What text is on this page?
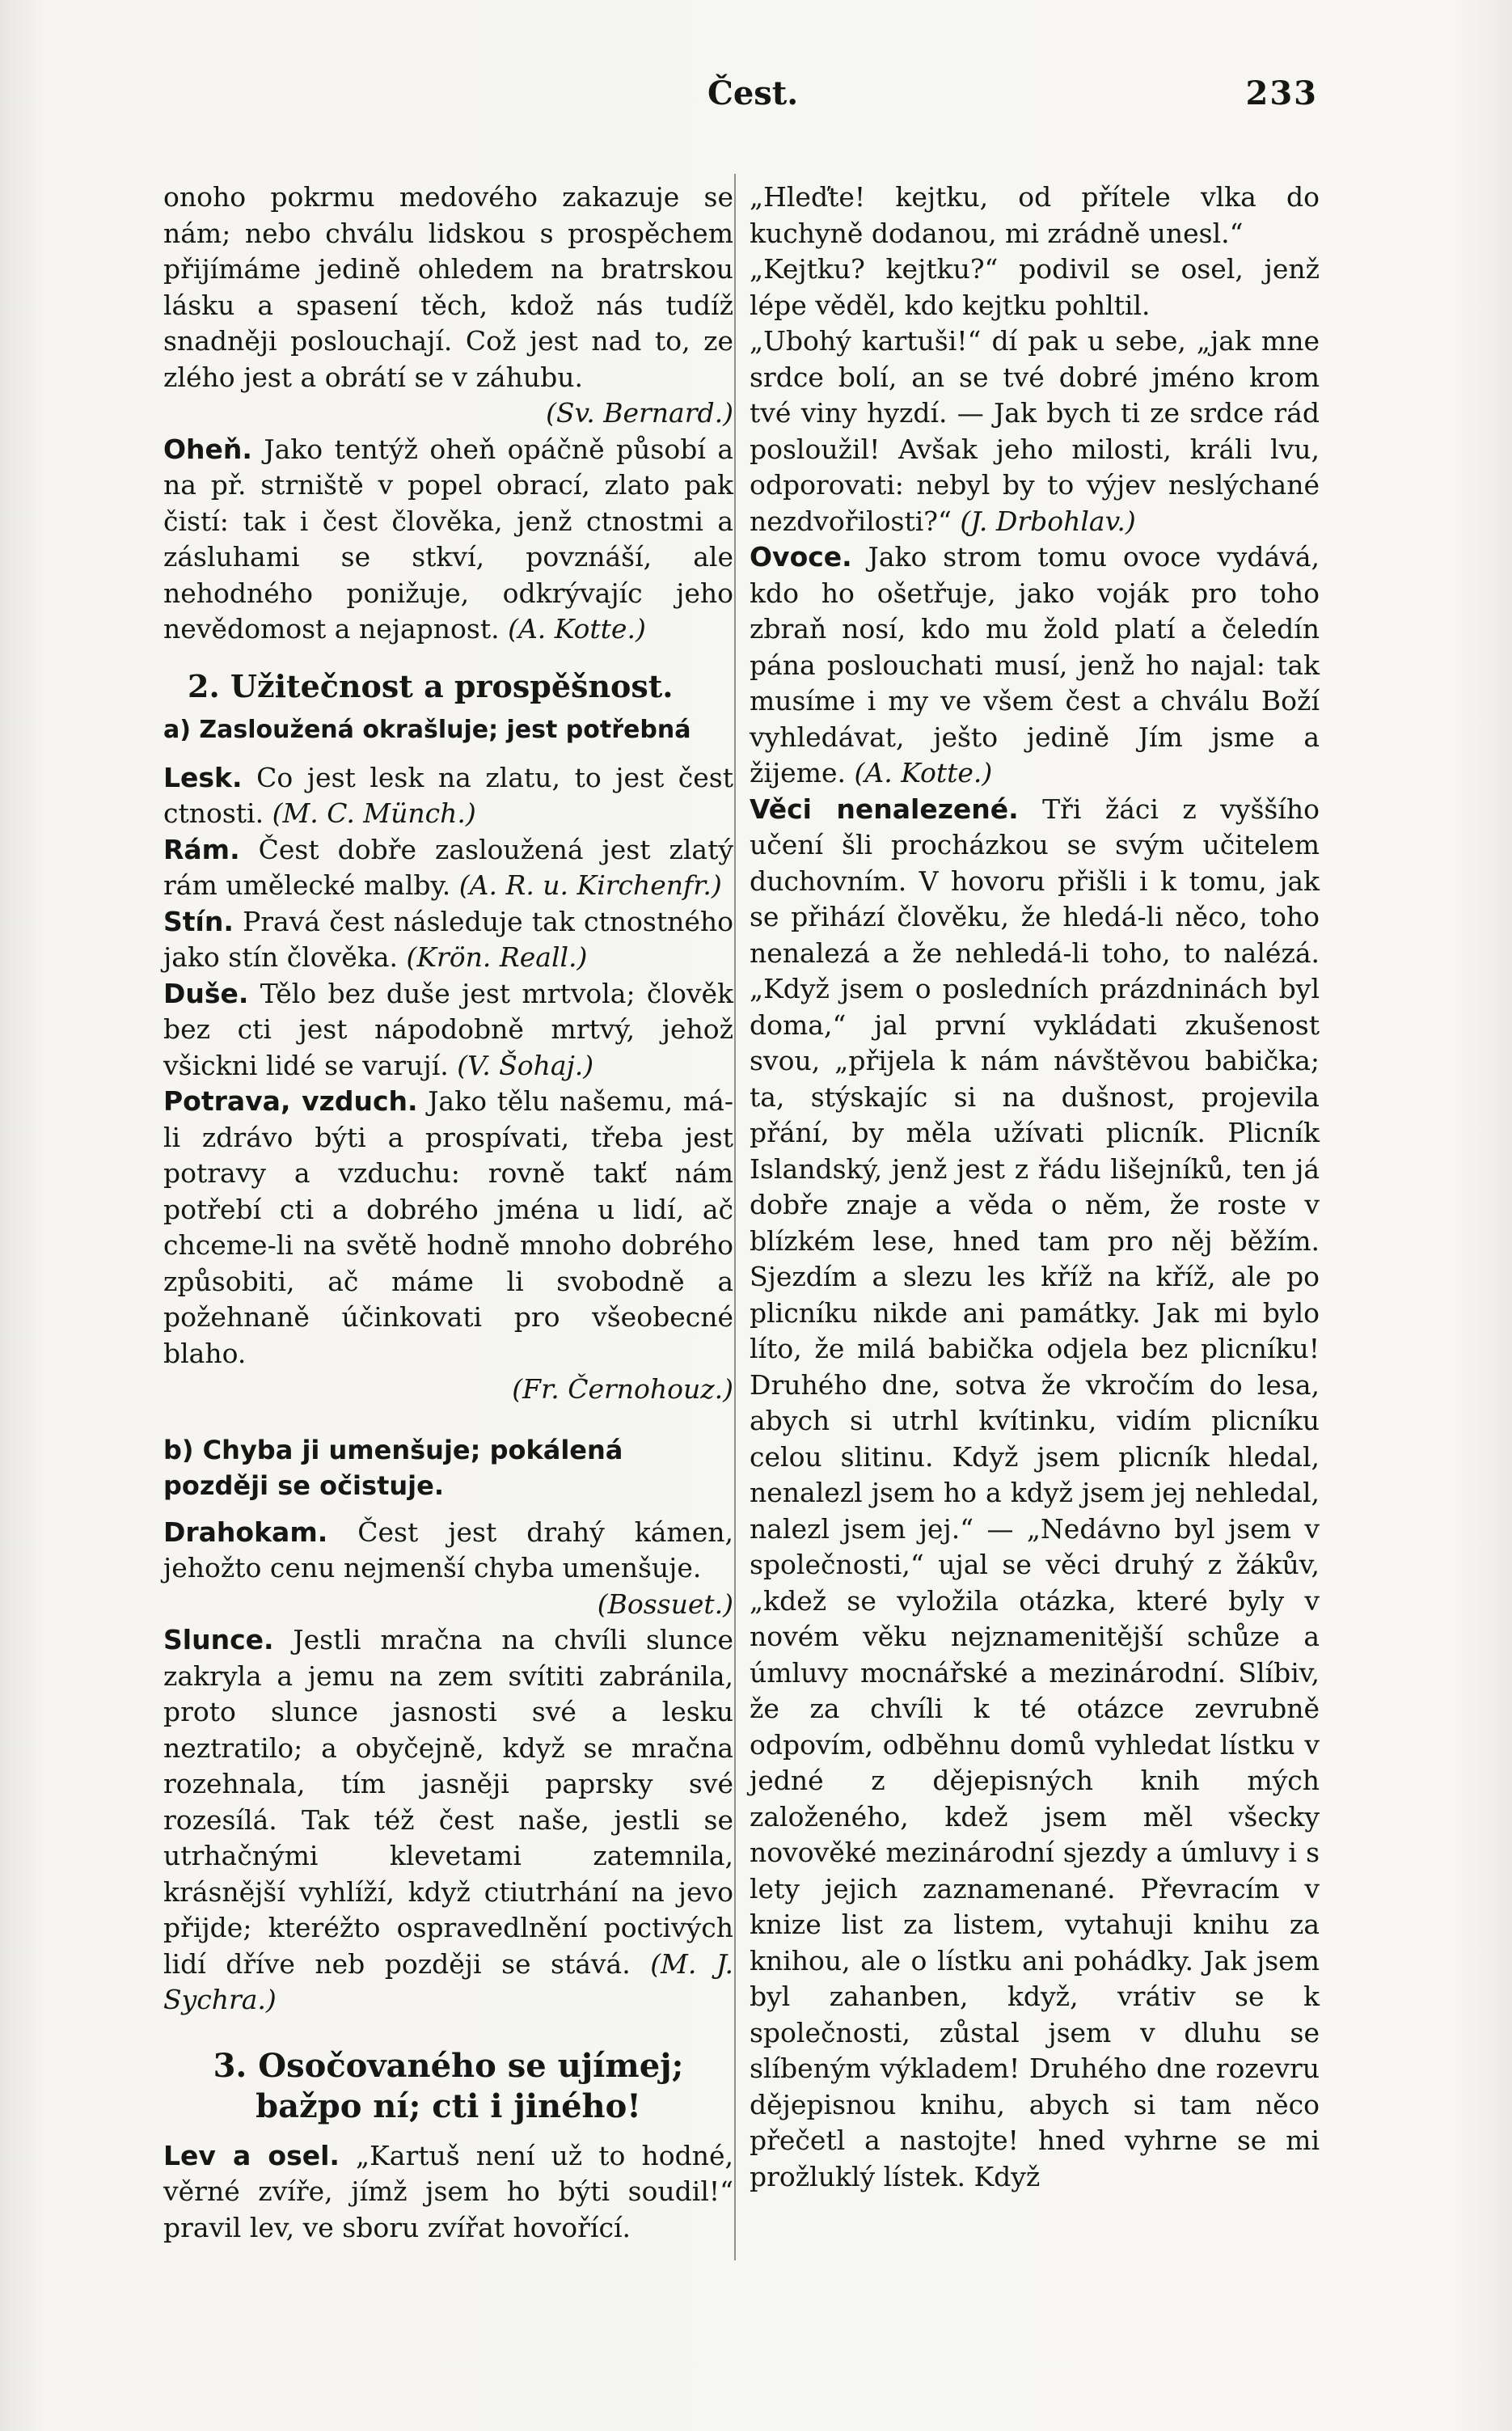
Čest.	233

onoho pokrmu medového zakazuje se nám; nebo chválu lidskou s prospěchem přijímáme jedině ohledem na bratrskou lásku a spasení těch, kdož nás tudíž snadněji poslouchají. Což jest nad to, ze zlého jest a obrátí se v záhubu.

(Sv. Bernard.)

Oheň. Jako tentýž oheň opáčně působí a na př. strniště v popel obrací, zlato pak čistí: tak i čest člověka, jenž ctnostmi a zásluhami se stkví, povznáší, ale nehodného ponižuje, odkrývajíc jeho nevědomost a nejapnost. (A. Kotte.)

2. Užitečnost a prospěšnost.
a) Zasloužená okrašluje; jest potřebná

Lesk. Co jest lesk na zlatu, to jest čest ctnosti. (M. C. Münch.)

Rám. Čest dobře zasloužená jest zlatý rám umělecké malby. (A. R. u. Kirchenfr.)

Stín. Pravá čest následuje tak ctnostného jako stín člověka. (Krön. Reall.)

Duše. Tělo bez duše jest mrtvola; člověk bez cti jest nápodobně mrtvý, jehož všickni lidé se varují. (V. Šohaj.)

Potrava, vzduch. Jako tělu našemu, má-li zdrávo býti a prospívati, třeba jest potravy a vzduchu: rovně takť nám potřebí cti a dobrého jména u lidí, ač chceme-li na světě hodně mnoho dobrého způsobiti, ač máme li svobodně a požehnaně účinkovati pro všeobecné blaho.

(Fr. Černohouz.)

b) Chyba ji umenšuje; pokálená později se očistuje.

Drahokam. Čest jest drahý kámen, jehožto cenu nejmenší chyba umenšuje.

(Bossuet.)

Slunce. Jestli mračna na chvíli slunce zakryla a jemu na zem svítiti zabránila, proto slunce jasnosti své a lesku neztratilo; a obyčejně, když se mračna rozehnala, tím jasněji paprsky své rozesílá. Tak též čest naše, jestli se utrhačnými klevetami zatemnila, krásnější vyhlíží, když ctiutrhání na jevo přijde; kteréžto ospravedlnění poctivých lidí dříve neb později se stává. (M. J. Sychra.)

3. Osočovaného se ujímej; bažpo ní; cti i jiného!

Lev a osel. „Kartuš není už to hodné, věrné zvíře, jímž jsem ho býti soudil!“ pravil lev, ve sboru zvířat hovořící.

„Hleďte! kejtku, od přítele vlka do kuchyně dodanou, mi zrádně unesl.“

„Kejtku? kejtku?“ podivil se osel, jenž lépe věděl, kdo kejtku pohltil.

„Ubohý kartuši!“ dí pak u sebe, „jak mne srdce bolí, an se tvé dobré jméno krom tvé viny hyzdí. — Jak bych ti ze srdce rád posloužil! Avšak jeho milosti, králi lvu, odporovati: nebyl by to výjev neslýchané nezdvořilosti?“ (J. Drbohlav.)

Ovoce. Jako strom tomu ovoce vydává, kdo ho ošetřuje, jako voják pro toho zbraň nosí, kdo mu žold platí a čeledín pána poslouchati musí, jenž ho najal: tak musíme i my ve všem čest a chválu Boží vyhledávat, ješto jedině Jím jsme a žijeme. (A. Kotte.)

Věci nenalezené. Tři žáci z vyššího učení šli procházkou se svým učitelem duchovním. V hovoru přišli i k tomu, jak se přihází člověku, že hledá-li něco, toho nenalezá a že nehledá-li toho, to nalézá. „Když jsem o posledních prázdninách byl doma,“ jal první vykládati zkušenost svou, „přijela k nám návštěvou babička; ta, stýskajíc si na dušnost, projevila přání, by měla užívati plicník. Plicník Islandský, jenž jest z řádu lišejníků, ten já dobře znaje a věda o něm, že roste v blízkém lese, hned tam pro něj běžím. Sjezdím a slezu les kříž na kříž, ale po plicníku nikde ani památky. Jak mi bylo líto, že milá babička odjela bez plicníku! Druhého dne, sotva že vkročím do lesa, abych si utrhl kvítinku, vidím plicníku celou slitinu. Když jsem plicník hledal, nenalezl jsem ho a když jsem jej nehledal, nalezl jsem jej.“ — „Nedávno byl jsem v společnosti,“ ujal se věci druhý z žákův, „kdež se vyložila otázka, které byly v novém věku nejznamenitější schůze a úmluvy mocnářské a mezinárodní. Slíbiv, že za chvíli k té otázce zevrubně odpovím, odběhnu domů vyhledat lístku v jedné z dějepisných knih mých založeného, kdež jsem měl všecky novověké mezinárodní sjezdy a úmluvy i s lety jejich zaznamenané. Převracím v knize list za listem, vytahuji knihu za knihou, ale o lístku ani pohádky. Jak jsem byl zahanben, když, vrátiv se k společnosti, zůstal jsem v dluhu se slíbeným výkladem! Druhého dne rozevru dějepisnou knihu, abych si tam něco přečetl a nastojte! hned vyhrne se mi prožluklý lístek. Když
